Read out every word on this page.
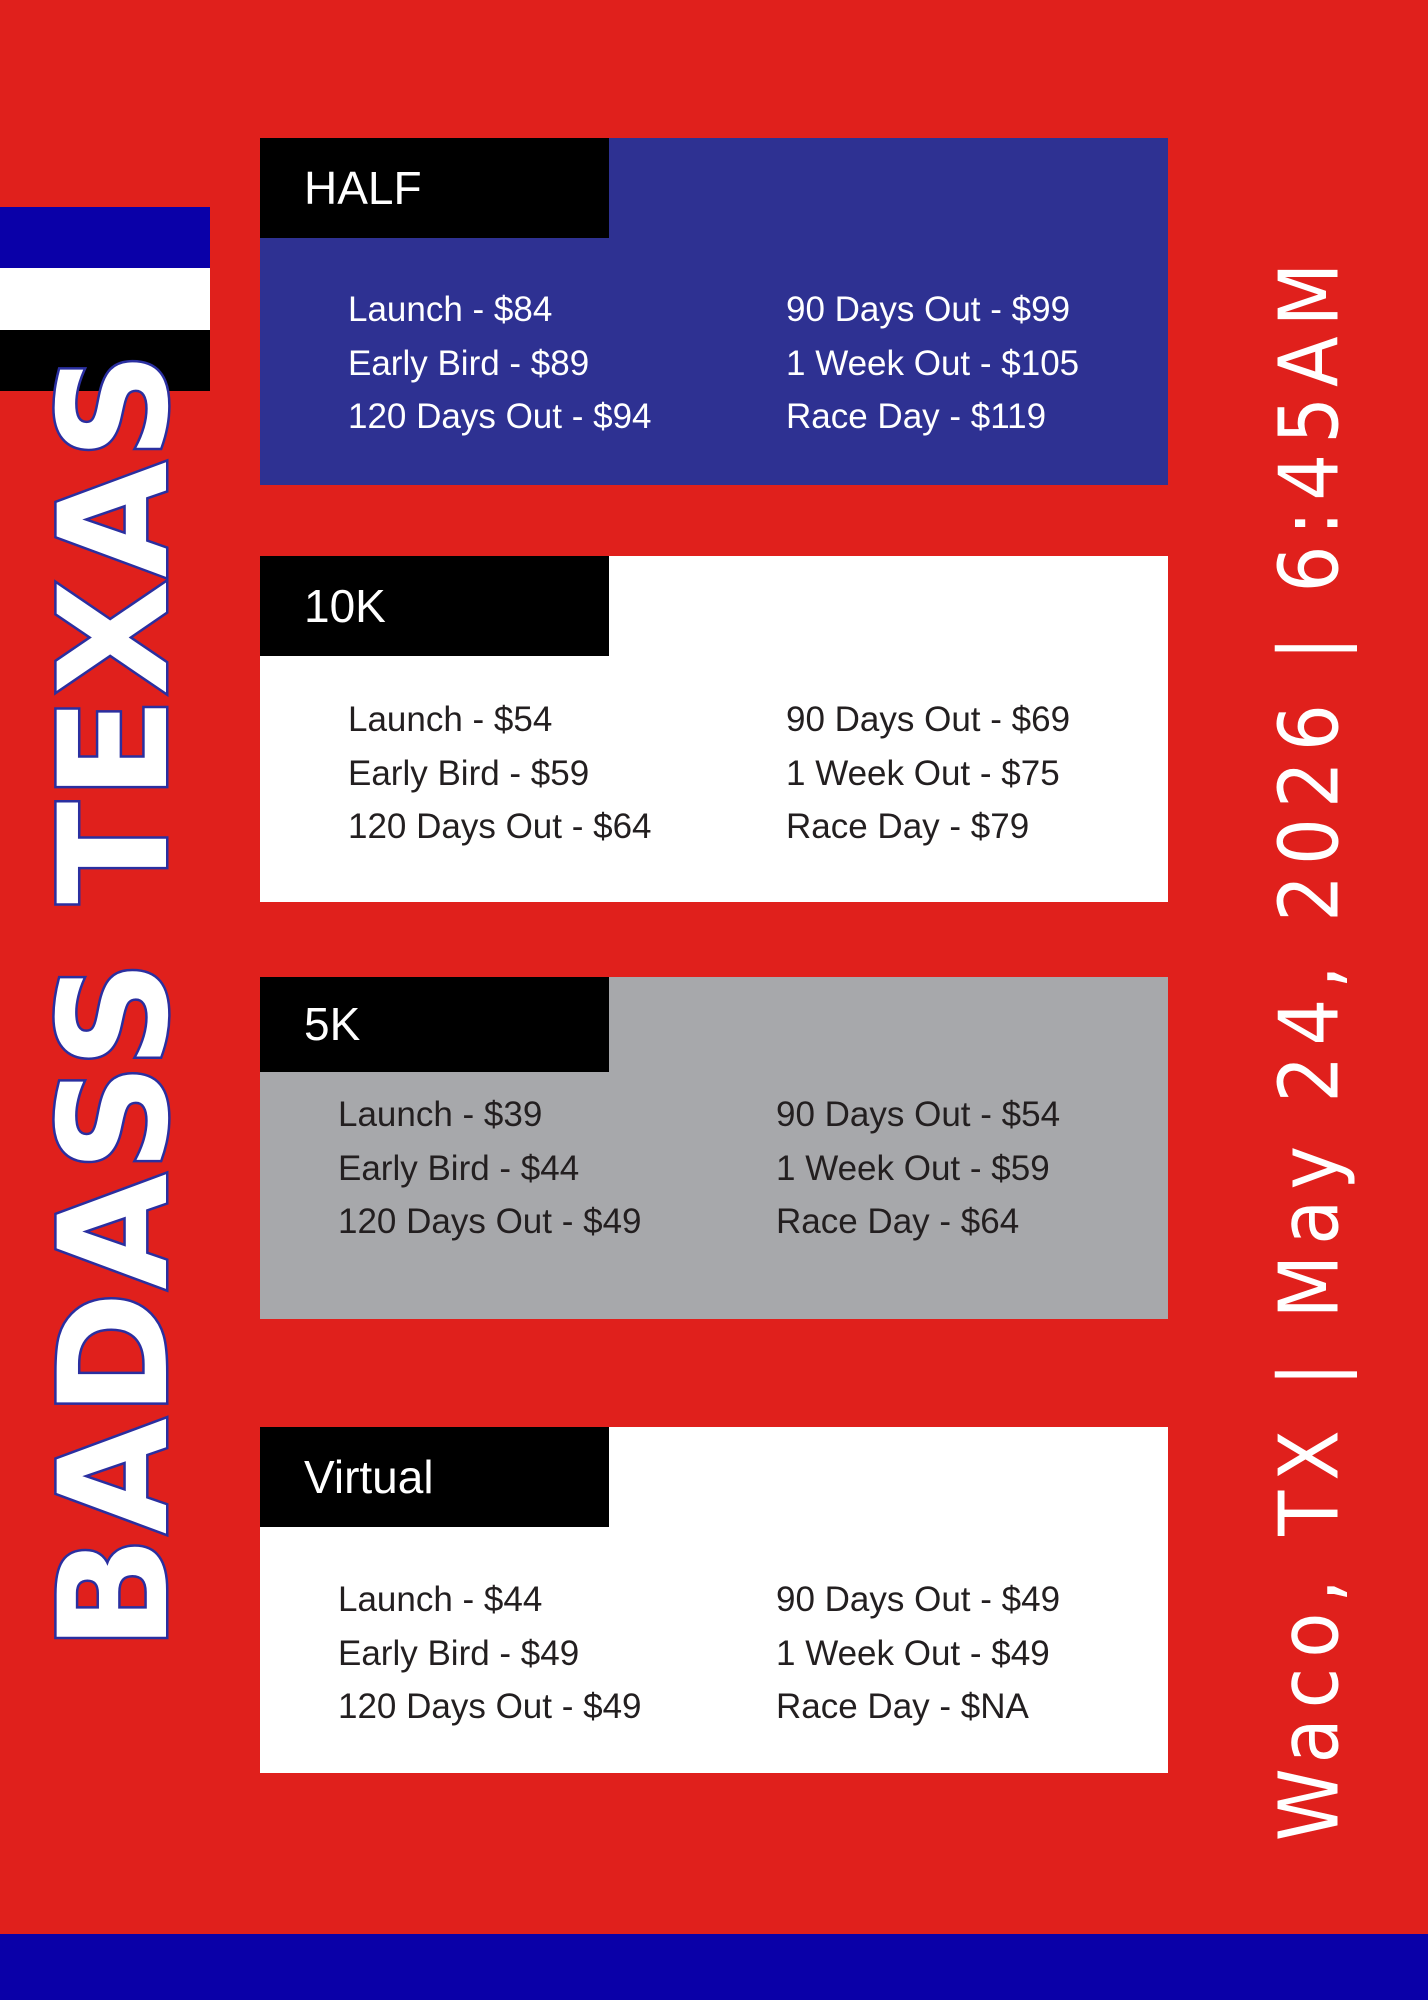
BADASS TEXAS	Waco, TX | May 24, 2026 | 6:45AM
HALF
Launch - $84
Early Bird - $89
120 Days Out - $94
90 Days Out - $99
1 Week Out - $105
Race Day - $119
10K
Launch - $54
Early Bird - $59
120 Days Out - $64
90 Days Out - $69
1 Week Out - $75
Race Day - $79
5K
Launch - $39
Early Bird - $44
120 Days Out - $49
90 Days Out - $54
1 Week Out - $59
Race Day - $64
Virtual
Launch - $44
Early Bird - $49
120 Days Out - $49
90 Days Out - $49
1 Week Out - $49
Race Day - $NA
